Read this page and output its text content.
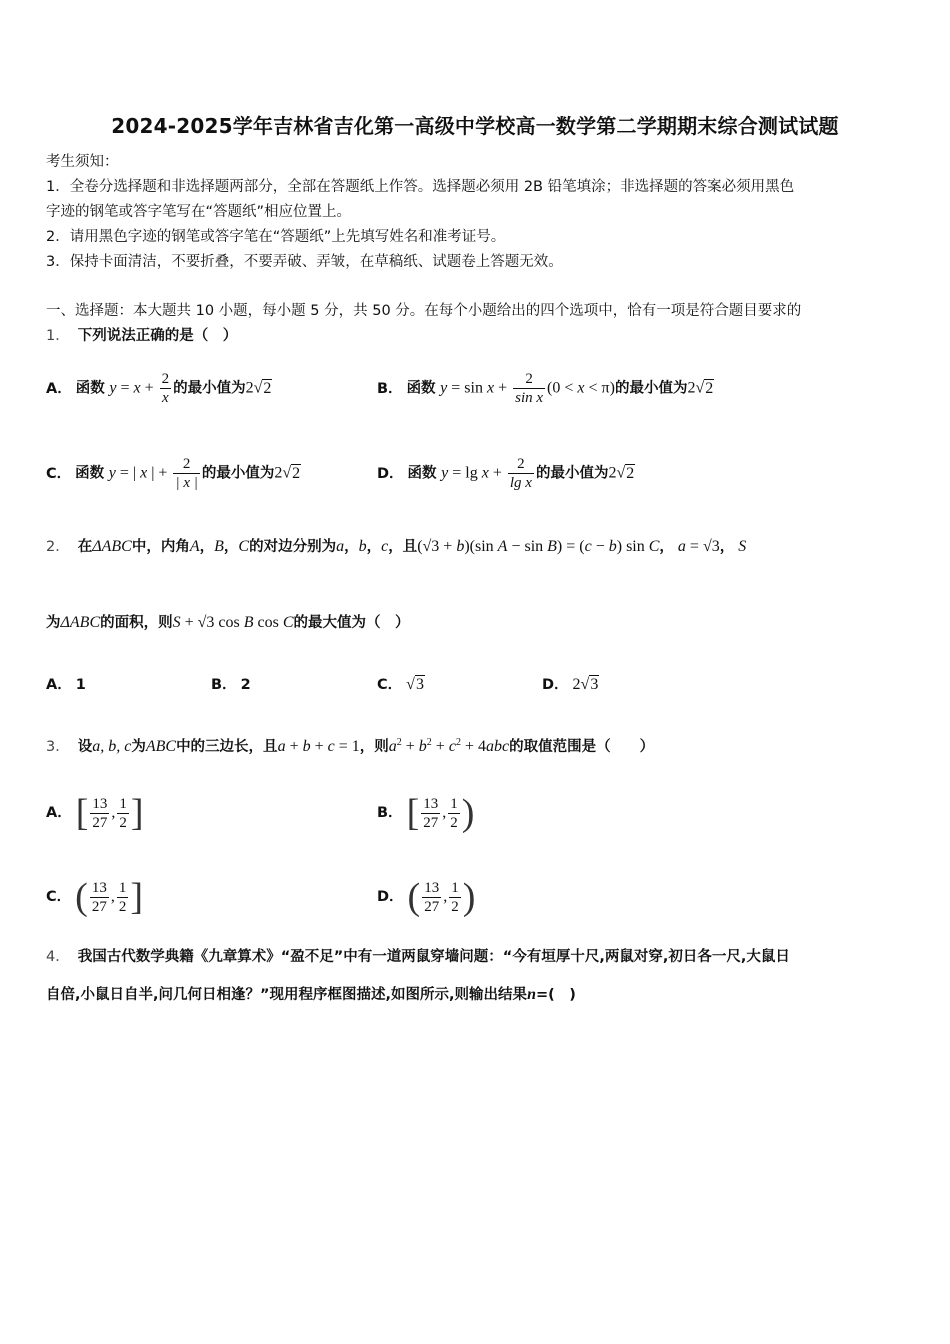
2024-2025学年吉林省吉化第一高级中学校高一数学第二学期期末综合测试试题
考生须知：
1．全卷分选择题和非选择题两部分，全部在答题纸上作答。选择题必须用 2B 铅笔填涂；非选择题的答案必须用黑色
字迹的钢笔或答字笔写在“答题纸”相应位置上。
2．请用黑色字迹的钢笔或答字笔在“答题纸”上先填写姓名和准考证号。
3．保持卡面清洁，不要折叠，不要弄破、弄皱，在草稿纸、试题卷上答题无效。
一、选择题：本大题共 10 小题，每小题 5 分，共 50 分。在每个小题给出的四个选项中，恰有一项是符合题目要求的
1． 下列说法正确的是（　）
A． 函数 $y = x + \frac{2}{x}$ 的最小值为2√2	B． 函数 $y = \sin x + \frac{2}{\text{sin x}} (0 < x < \pi)$的最小值为2√2
C． 函数 y = | x | + $\frac{2}{| x |}$ 的最小值为2√2	D． 函数 $y = \lg x + \frac{2}{\text{lg x}}$ 的最小值为2√2
2． 在ΔABC中，内角A，B，C的对边分别为a，b，c，且(√3 + b)(sin A − sin B) = (c − b) sin C， a = √3， S
为ΔABC的面积，则S + √3 cos B cos C的最大值为（　）
A． 1	B． 2	C． √3	D． 2√3
3． 设a, b, c为ABC中的三边长，且a + b + c = 1，则$a^2 + b^2 + c^2 + 4abc$的取值范围是（　　）
A． [ $\frac{13}{27}$ , $\frac{1}{2}$ ]	B． [ $\frac{13}{27}$ , $\frac{1}{2}$ )
C． ( $\frac{13}{27}$ , $\frac{1}{2}$ ]	D． ( $\frac{13}{27}$ , $\frac{1}{2}$ )
4． 我国古代数学典籍《九章算术》“盈不足”中有一道两鼠穿墙问题：“今有垣厚十尺,两鼠对穿,初日各一尺,大鼠日
自倍,小鼠日自半,问几何日相逢？”现用程序框图描述,如图所示,则输出结果n=(　)
